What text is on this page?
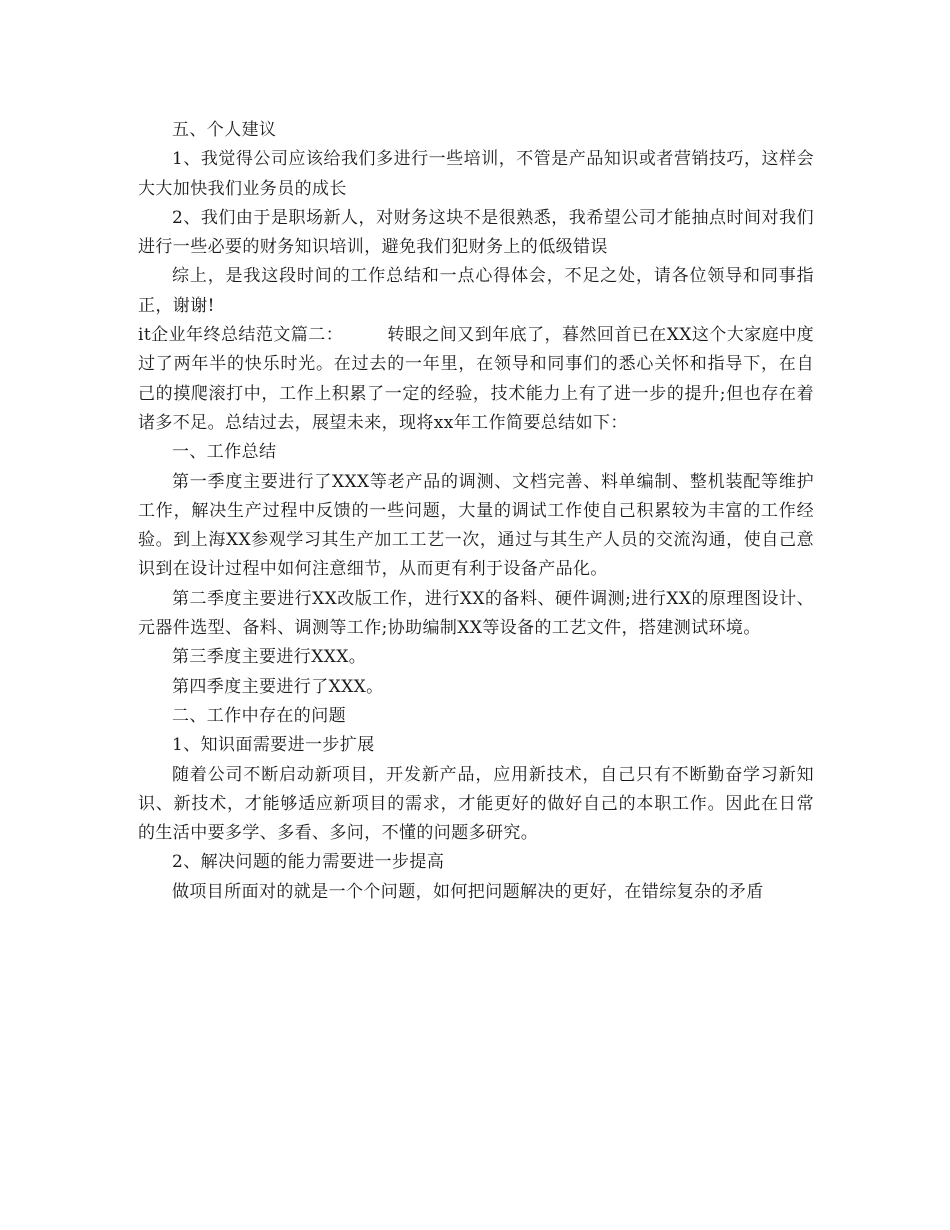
五、个人建议

1、我觉得公司应该给我们多进行一些培训，不管是产品知识或者营销技巧，这样会大大加快我们业务员的成长

2、我们由于是职场新人，对财务这块不是很熟悉，我希望公司才能抽点时间对我们进行一些必要的财务知识培训，避免我们犯财务上的低级错误

综上，是我这段时间的工作总结和一点心得体会，不足之处，请各位领导和同事指正，谢谢!

it企业年终总结范文篇二：	转眼之间又到年底了，暮然回首已在XX这个大家庭中度过了两年半的快乐时光。在过去的一年里，在领导和同事们的悉心关怀和指导下，在自己的摸爬滚打中，工作上积累了一定的经验，技术能力上有了进一步的提升;但也存在着诸多不足。总结过去，展望未来，现将xx年工作简要总结如下：

一、工作总结

第一季度主要进行了XXX等老产品的调测、文档完善、料单编制、整机装配等维护工作，解决生产过程中反馈的一些问题，大量的调试工作使自己积累较为丰富的工作经验。到上海XX参观学习其生产加工工艺一次，通过与其生产人员的交流沟通，使自己意识到在设计过程中如何注意细节，从而更有利于设备产品化。

第二季度主要进行XX改版工作，进行XX的备料、硬件调测;进行XX的原理图设计、元器件选型、备料、调测等工作;协助编制XX等设备的工艺文件，搭建测试环境。

第三季度主要进行XXX。

第四季度主要进行了XXX。

二、工作中存在的问题

1、知识面需要进一步扩展

随着公司不断启动新项目，开发新产品，应用新技术，自己只有不断勤奋学习新知识、新技术，才能够适应新项目的需求，才能更好的做好自己的本职工作。因此在日常的生活中要多学、多看、多问，不懂的问题多研究。

2、解决问题的能力需要进一步提高

做项目所面对的就是一个个问题，如何把问题解决的更好，在错综复杂的矛盾
